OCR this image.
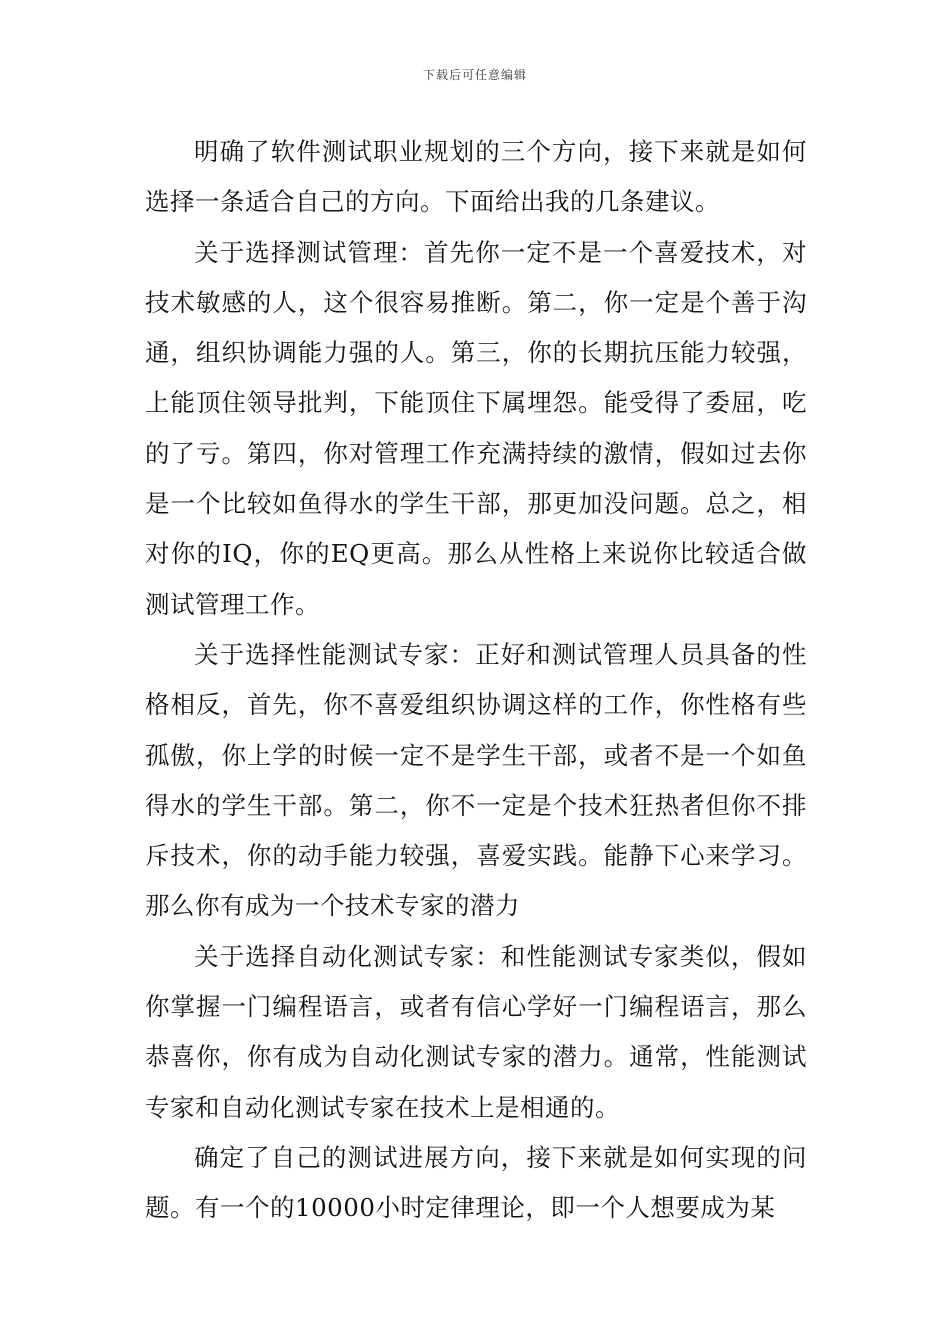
下载后可任意编辑

明确了软件测试职业规划的三个方向，接下来就是如何选择一条适合自己的方向。下面给出我的几条建议。

关于选择测试管理：首先你一定不是一个喜爱技术，对技术敏感的人，这个很容易推断。第二，你一定是个善于沟通，组织协调能力强的人。第三，你的长期抗压能力较强，上能顶住领导批判，下能顶住下属埋怨。能受得了委屈，吃的了亏。第四，你对管理工作充满持续的激情，假如过去你是一个比较如鱼得水的学生干部，那更加没问题。总之，相对你的IQ，你的EQ更高。那么从性格上来说你比较适合做测试管理工作。

关于选择性能测试专家：正好和测试管理人员具备的性格相反，首先，你不喜爱组织协调这样的工作，你性格有些孤傲，你上学的时候一定不是学生干部，或者不是一个如鱼得水的学生干部。第二，你不一定是个技术狂热者但你不排斥技术，你的动手能力较强，喜爱实践。能静下心来学习。那么你有成为一个技术专家的潜力

关于选择自动化测试专家：和性能测试专家类似，假如你掌握一门编程语言，或者有信心学好一门编程语言，那么恭喜你，你有成为自动化测试专家的潜力。通常，性能测试专家和自动化测试专家在技术上是相通的。

确定了自己的测试进展方向，接下来就是如何实现的问题。有一个的10000小时定律理论，即一个人想要成为某
